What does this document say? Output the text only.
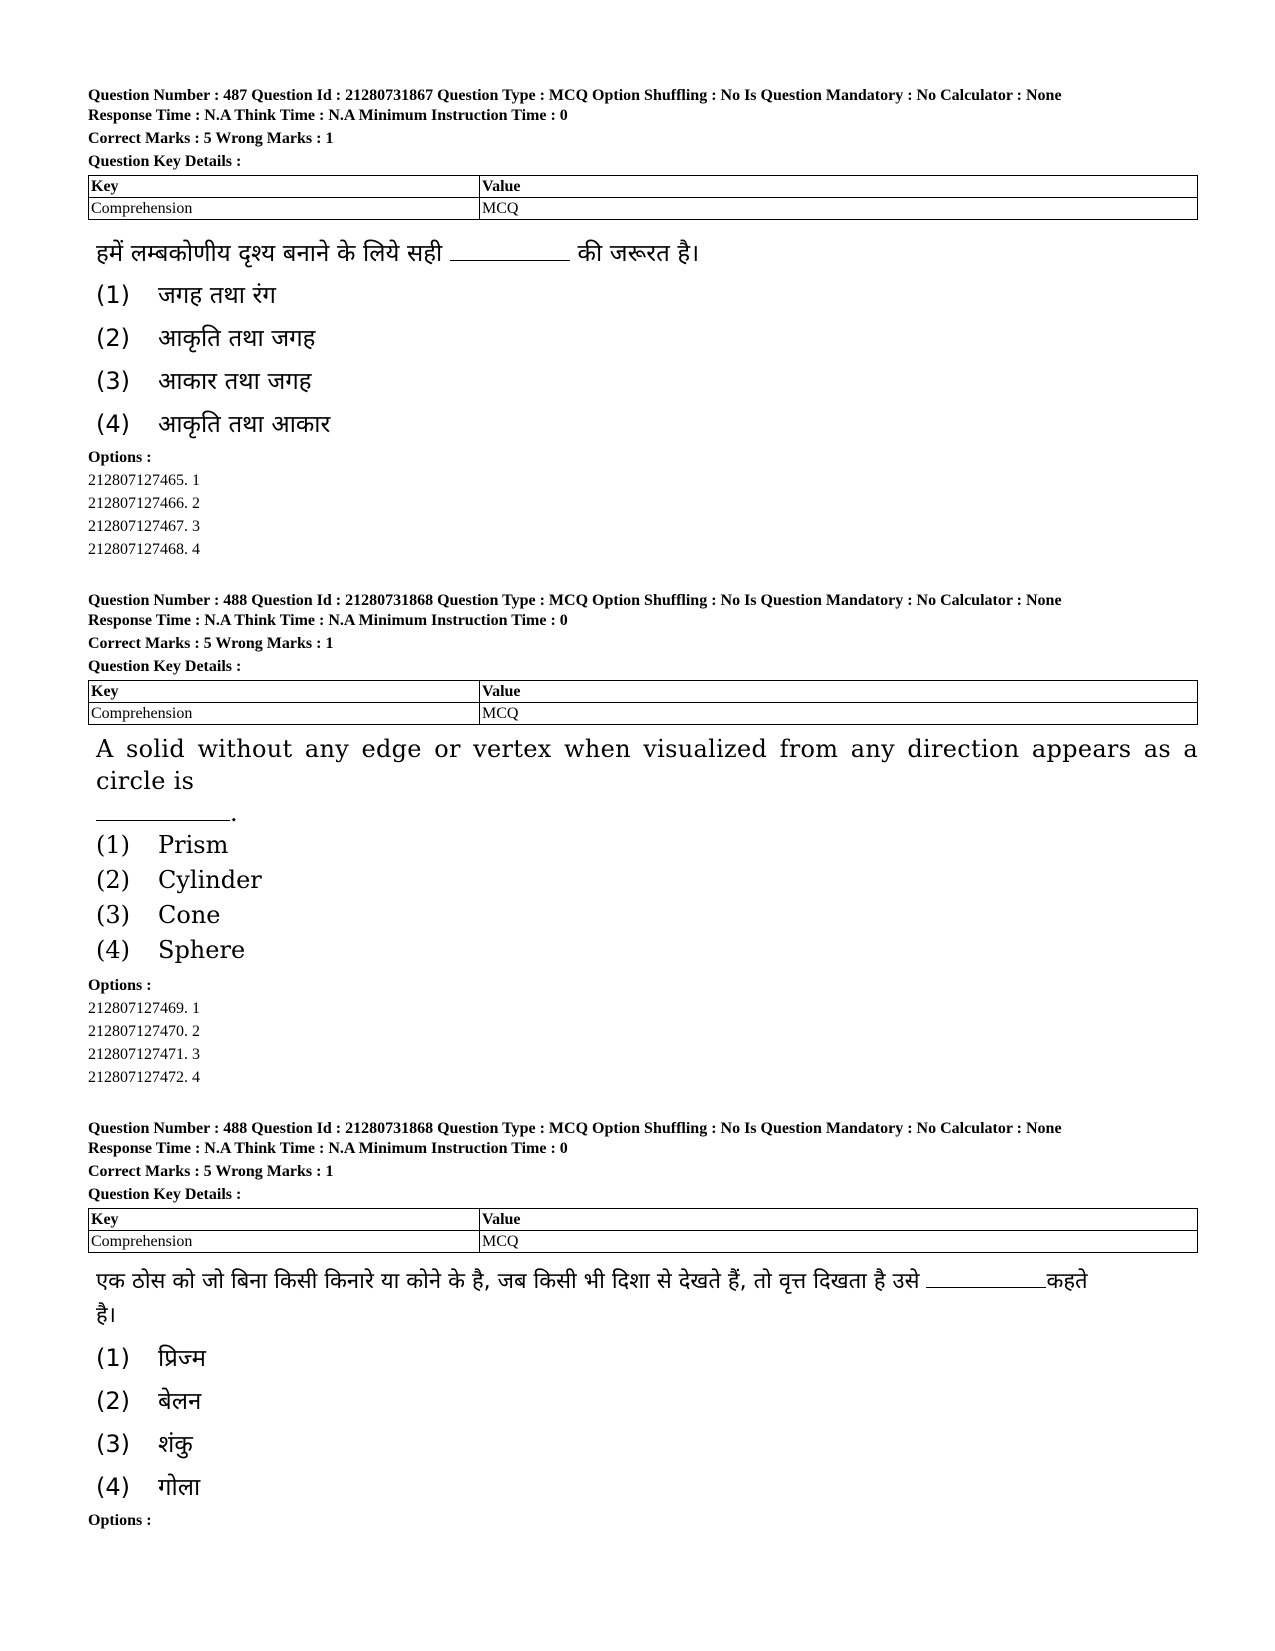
Question Number : 487 Question Id : 21280731867 Question Type : MCQ Option Shuffling : No Is Question Mandatory : No Calculator : None
Response Time : N.A Think Time : N.A Minimum Instruction Time : 0
Correct Marks : 5 Wrong Marks : 1
Question Key Details :
Key	Value
Comprehension	MCQ
हमें लम्बकोणीय दृश्य बनाने के लिये सही	की जरूरत है।
(1)	जगह तथा रंग
(2)	आकृति तथा जगह
(3)	आकार तथा जगह
(4)	आकृति तथा आकार
Options :
212807127465. 1
212807127466. 2
212807127467. 3
212807127468. 4
Question Number : 488 Question Id : 21280731868 Question Type : MCQ Option Shuffling : No Is Question Mandatory : No Calculator : None
Response Time : N.A Think Time : N.A Minimum Instruction Time : 0
Correct Marks : 5 Wrong Marks : 1
Question Key Details :
Key	Value
Comprehension	MCQ
A solid without any edge or vertex when visualized from any direction appears as a circle is
.
(1)	Prism
(2)	Cylinder
(3)	Cone
(4)	Sphere
Options :
212807127469. 1
212807127470. 2
212807127471. 3
212807127472. 4
Question Number : 488 Question Id : 21280731868 Question Type : MCQ Option Shuffling : No Is Question Mandatory : No Calculator : None
Response Time : N.A Think Time : N.A Minimum Instruction Time : 0
Correct Marks : 5 Wrong Marks : 1
Question Key Details :
Key	Value
Comprehension	MCQ
एक ठोस को जो बिना किसी किनारे या कोने के है, जब किसी भी दिशा से देखते हैं, तो वृत्त दिखता है उसे	कहते
है।
(1)	प्रिज्म
(2)	बेलन
(3)	शंकु
(4)	गोला
Options :
